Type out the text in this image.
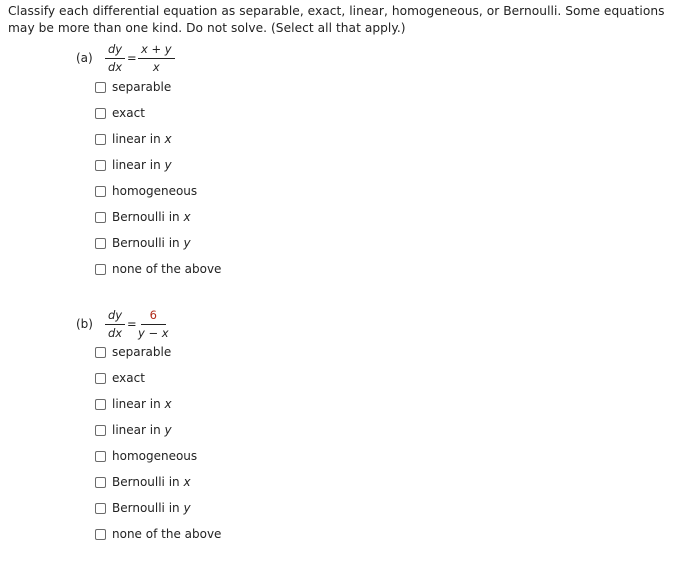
Classify each differential equation as separable, exact, linear, homogeneous, or Bernoulli. Some equations may be more than one kind. Do not solve. (Select all that apply.)
$(a) \frac{dy}{dx} = \frac{x + y}{x}$
separable
exact
linear in x
linear in y
homogeneous
Bernoulli in x
Bernoulli in y
none of the above
$(b) \frac{dy}{dx} = \frac{6}{y - x}$
separable
exact
linear in x
linear in y
homogeneous
Bernoulli in x
Bernoulli in y
none of the above
